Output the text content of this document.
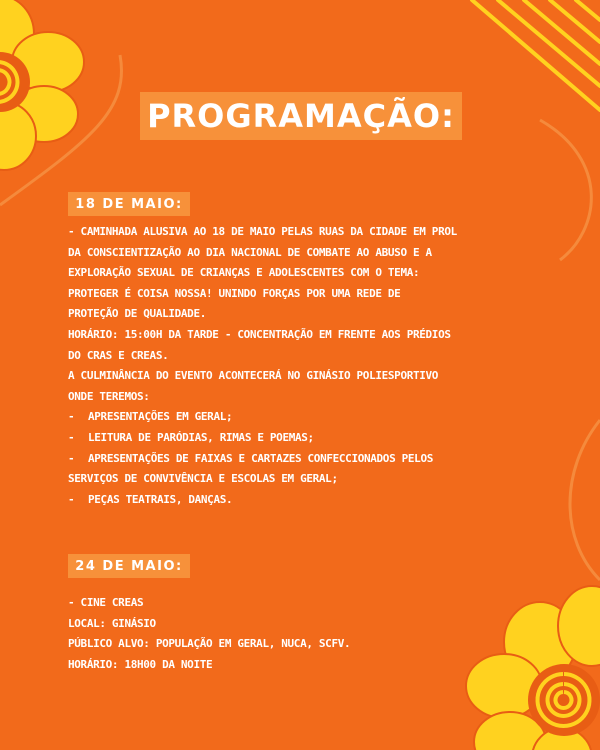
PROGRAMAÇÃO:
18 DE MAIO:
- CAMINHADA ALUSIVA AO 18 DE MAIO PELAS RUAS DA CIDADE EM PROL
DA CONSCIENTIZAÇÃO AO DIA NACIONAL DE COMBATE AO ABUSO E A
EXPLORAÇÃO SEXUAL DE CRIANÇAS E ADOLESCENTES COM O TEMA:
PROTEGER É COISA NOSSA! UNINDO FORÇAS POR UMA REDE DE
PROTEÇÃO DE QUALIDADE.
HORÁRIO: 15:00H DA TARDE - CONCENTRAÇÃO EM FRENTE AOS PRÉDIOS
DO CRAS E CREAS.
A CULMINÂNCIA DO EVENTO ACONTECERÁ NO GINÁSIO POLIESPORTIVO
ONDE TEREMOS:
- APRESENTAÇÕES EM GERAL;
- LEITURA DE PARÓDIAS, RIMAS E POEMAS;
- APRESENTAÇÕES DE FAIXAS E CARTAZES CONFECCIONADOS PELOS
SERVIÇOS DE CONVIVÊNCIA E ESCOLAS EM GERAL;
- PEÇAS TEATRAIS, DANÇAS.
24 DE MAIO:
- CINE CREAS
LOCAL: GINÁSIO
PÚBLICO ALVO: POPULAÇÃO EM GERAL, NUCA, SCFV.
HORÁRIO: 18H00 DA NOITE
